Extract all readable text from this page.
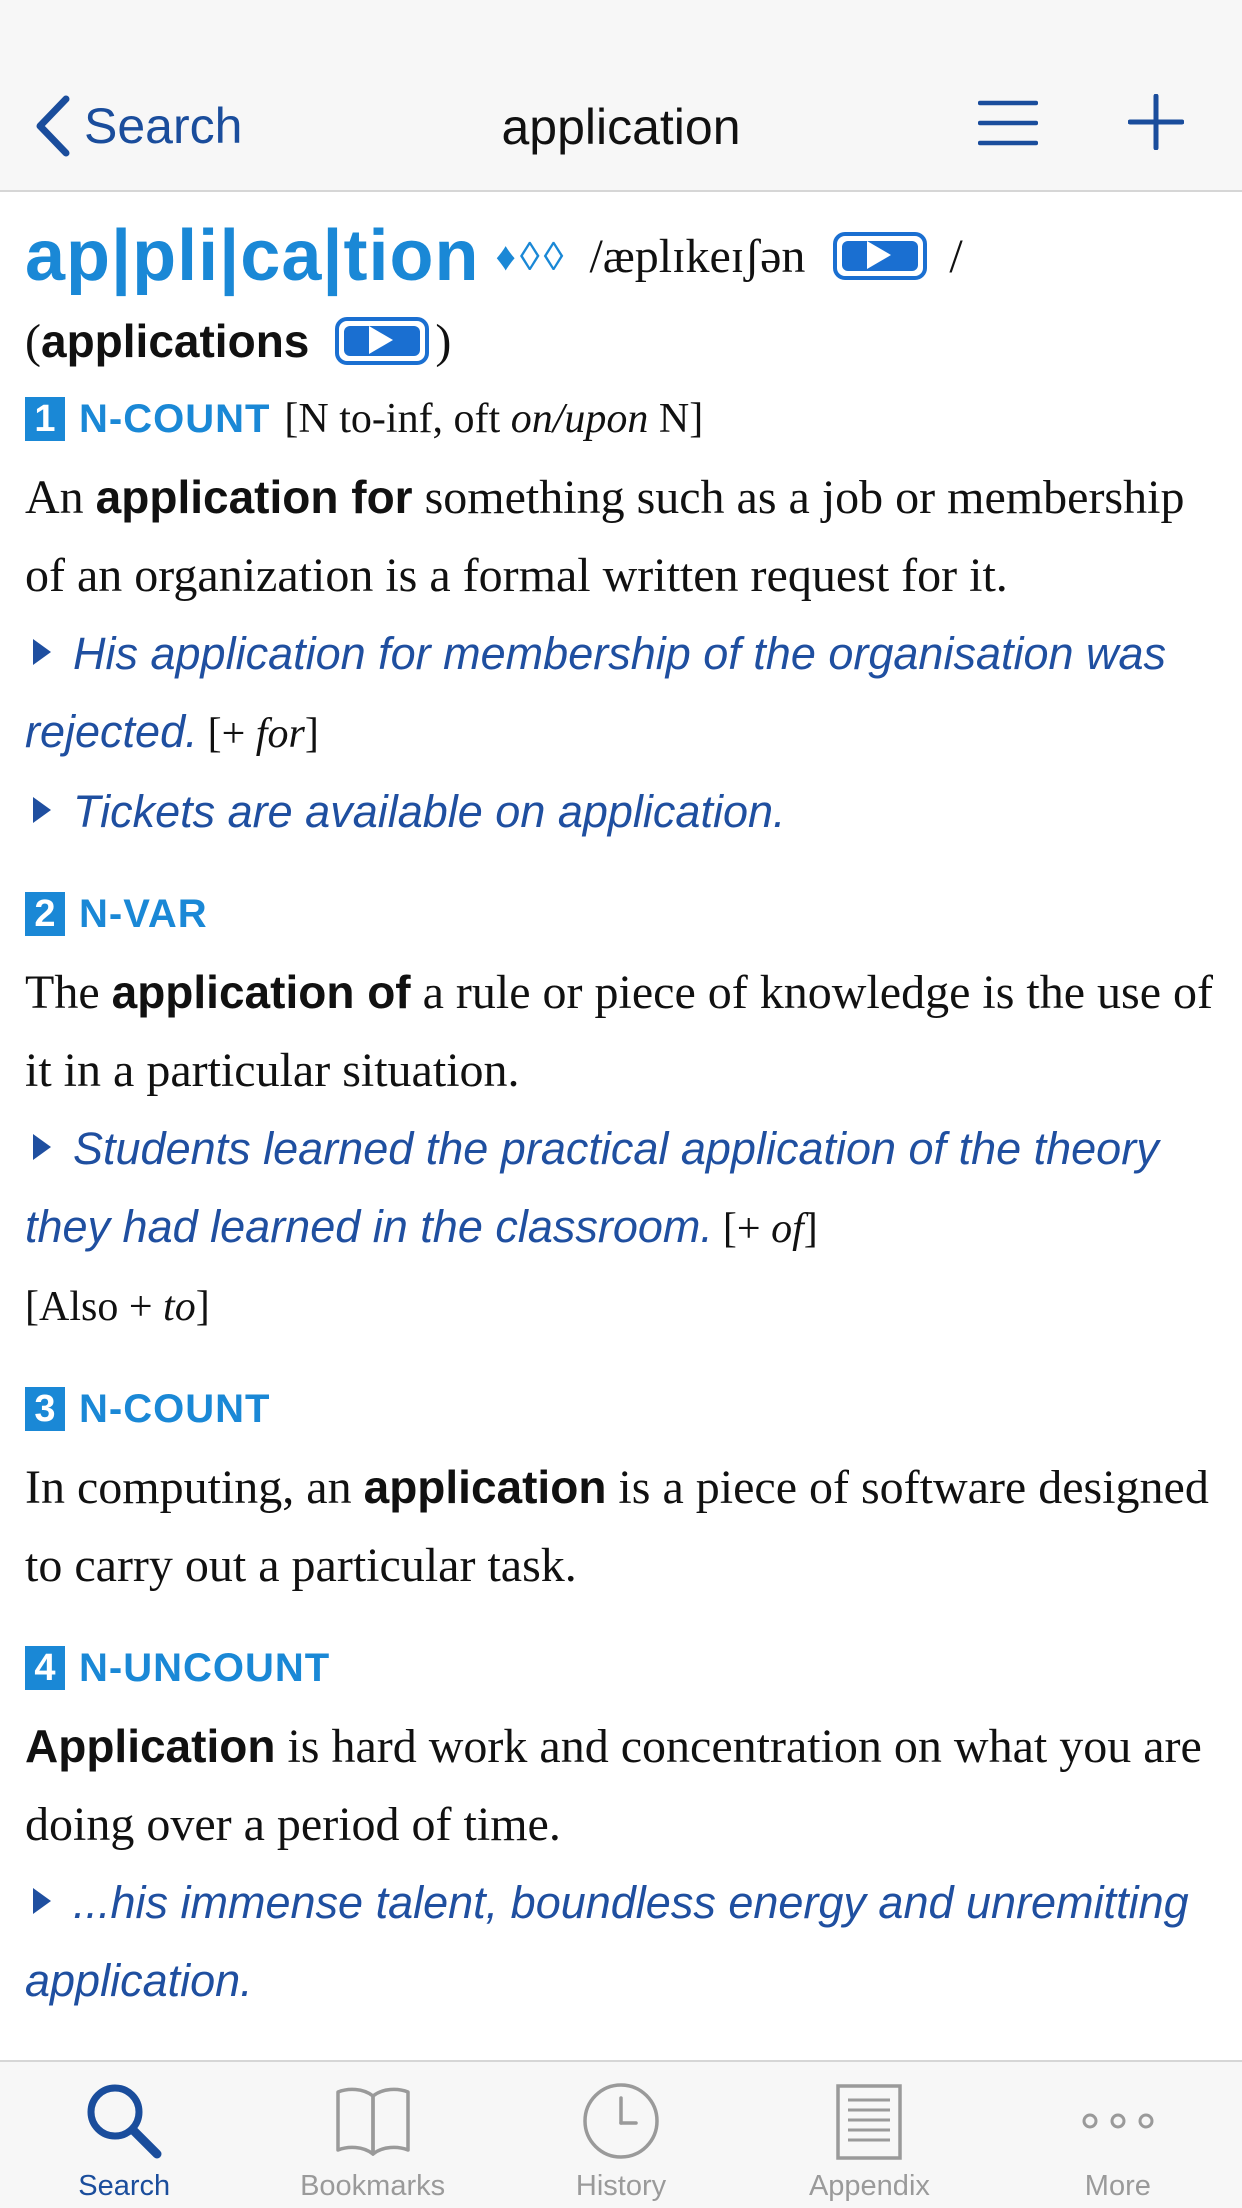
Search	application
ap|pli|ca|tion ♦◊◊ /æplɪkeɪʃən	/
( applications	)
1 N-COUNT [N to-inf, oft on/upon N]
An application for something such as a job or membership of an organization is a formal written request for it.
His application for membership of the organisation was rejected. [+ for]
Tickets are available on application.
2 N-VAR
The application of a rule or piece of knowledge is the use of it in a particular situation.
Students learned the practical application of the theory they had learned in the classroom. [+ of]
[Also + to]
3 N-COUNT
In computing, an application is a piece of software designed to carry out a particular task.
4 N-UNCOUNT
Application is hard work and concentration on what you are doing over a period of time.
...his immense talent, boundless energy and unremitting application.
Search	Bookmarks	History	Appendix	More
